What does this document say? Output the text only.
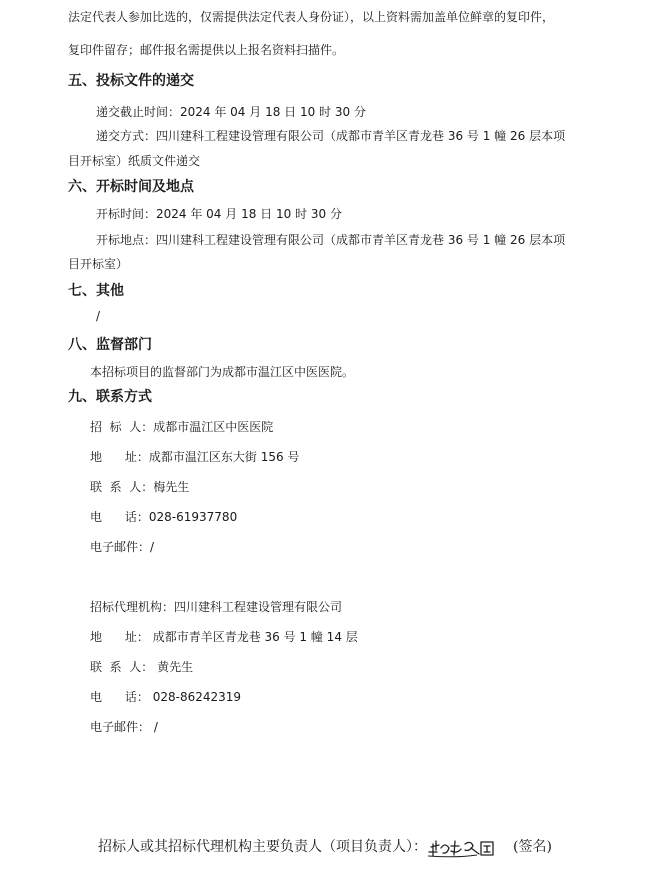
法定代表人参加比选的，仅需提供法定代表人身份证），以上资料需加盖单位鲜章的复印件，
复印件留存；邮件报名需提供以上报名资料扫描件。
五、投标文件的递交
递交截止时间：2024 年 04 月 18 日 10 时 30 分
递交方式：四川建科工程建设管理有限公司（成都市青羊区青龙巷 36 号 1 幢 26 层本项
目开标室）纸质文件递交
六、开标时间及地点
开标时间：2024 年 04 月 18 日 10 时 30 分
开标地点：四川建科工程建设管理有限公司（成都市青羊区青龙巷 36 号 1 幢 26 层本项
目开标室）
七、其他
/
八、监督部门
本招标项目的监督部门为成都市温江区中医医院。
九、联系方式
招  标  人：成都市温江区中医医院
地      址：成都市温江区东大街 156 号
联  系  人：梅先生
电      话：028-61937780
电子邮件：/
招标代理机构：四川建科工程建设管理有限公司
地      址： 成都市青羊区青龙巷 36 号 1 幢 14 层
联  系  人： 黄先生
电      话： 028-86242319
电子邮件： /
招标人或其招标代理机构主要负责人（项目负责人）：	(签名)
